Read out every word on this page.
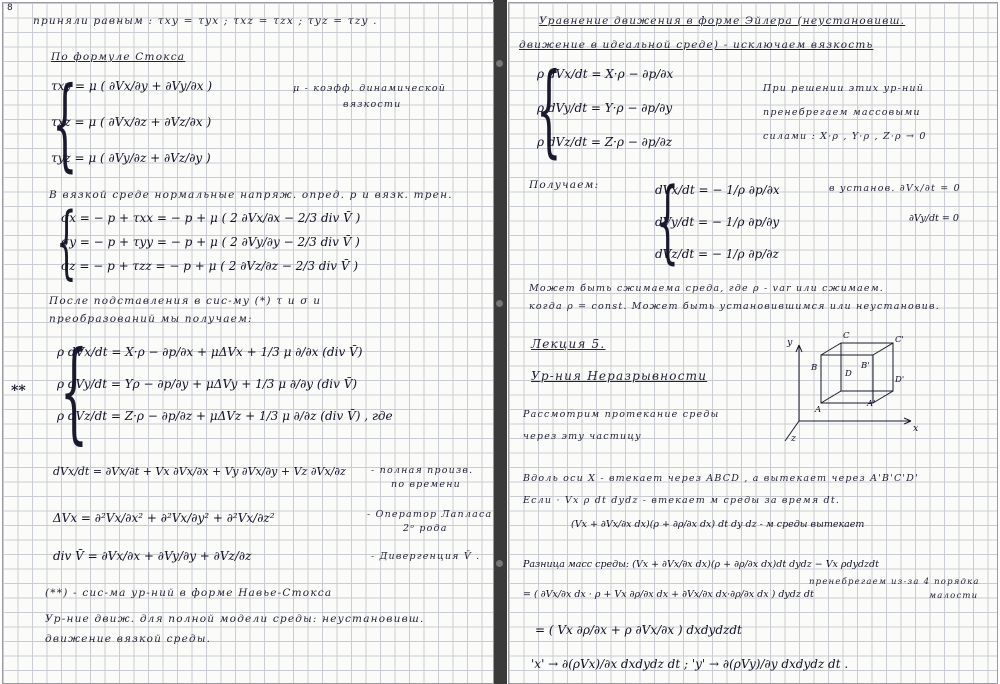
8
приняли равным : τxy = τyx ; τxz = τzx ; τyz = τzy .
По формуле Стокса
{
τxy = μ ( ∂Vx/∂y + ∂Vy/∂x )	μ - коэфф. динамической
вязкости
τxz = μ ( ∂Vx/∂z + ∂Vz/∂x )
τyz = μ ( ∂Vy/∂z + ∂Vz/∂y )
В вязкой среде нормальные напряж. опред. p и вязк. трен.
{
σx = − p + τxx = − p + μ ( 2 ∂Vx/∂x − 2/3 div V̄ )
σy = − p + τyy = − p + μ ( 2 ∂Vy/∂y − 2/3 div V̄ )
σz = − p + τzz = − p + μ ( 2 ∂Vz/∂z − 2/3 div V̄ )
После подставления в сис-му (*) τ и σ и
преобразований мы получаем:
** {
ρ dVx/dt = X·ρ − ∂p/∂x + μΔVx + 1/3 μ ∂/∂x (div V̄)
ρ dVy/dt = Yρ − ∂p/∂y + μΔVy + 1/3 μ ∂/∂y (div V̄)
ρ dVz/dt = Z·ρ − ∂p/∂z + μΔVz + 1/3 μ ∂/∂z (div V̄) , где
dVx/dt = ∂Vx/∂t + Vx ∂Vx/∂x + Vy ∂Vx/∂y + Vz ∂Vx/∂z	- полная произв.
по времени
ΔVx = ∂²Vx/∂x² + ∂²Vx/∂y² + ∂²Vx/∂z²	- Оператор Лапласа
2ᵒ рода
div V̄ = ∂Vx/∂x + ∂Vy/∂y + ∂Vz/∂z	- Дивергенция V̄ .
(**) - сис-ма ур-ний в форме Навье-Стокса
Ур-ние движ. для полной модели среды: неустановивш.
движение вязкой среды.
Уравнение движения в форме Эйлера (неустановивш.
движение в идеальной среде) - исключаем вязкость
{
ρ dVx/dt = X·ρ − ∂p/∂x
ρ dVy/dt = Y·ρ − ∂p/∂y
ρ dVz/dt = Z·ρ − ∂p/∂z
При решении этих ур-ний
пренебрегаем массовыми
силами : X·ρ , Y·ρ , Z·ρ → 0
Получаем: {
dVx/dt = − 1/ρ ∂p/∂x
dVy/dt = − 1/ρ ∂p/∂y
dVz/dt = − 1/ρ ∂p/∂z
в установ. ∂Vx/∂t = 0
∂Vy/dt = 0
Может быть сжимаема среда, где ρ - var или сжимаем.
когда ρ = const. Может быть установившимся или неустановив.
Лекция 5.
Ур-ния Неразрывности
Рассмотрим протекание среды
через эту частицу
y
x
z
B
C	C'
D
B'
D'
A
A'
Вдоль оси X - втекает через ABCD , а вытекает через A'B'C'D'
Если · Vx ρ dt dydz - втекает м среды за время dt.
(Vx + ∂Vx/∂x dx)(ρ + ∂ρ/∂x dx) dt dy dz - м среды вытекает
Разница масс среды: (Vx + ∂Vx/∂x dx)(ρ + ∂ρ/∂x dx)dt dydz − Vx ρdydzdt
= ( ∂Vx/∂x dx · ρ + Vx ∂ρ/∂x dx + ∂Vx/∂x dx·∂ρ/∂x dx ) dydz dt
пренебрегаем из-за 4 порядка
малости
= ( Vx ∂ρ/∂x + ρ ∂Vx/∂x ) dxdydzdt
'x' → ∂(ρVx)/∂x dxdydz dt ; 'y' → ∂(ρVy)/∂y dxdydz dt .
